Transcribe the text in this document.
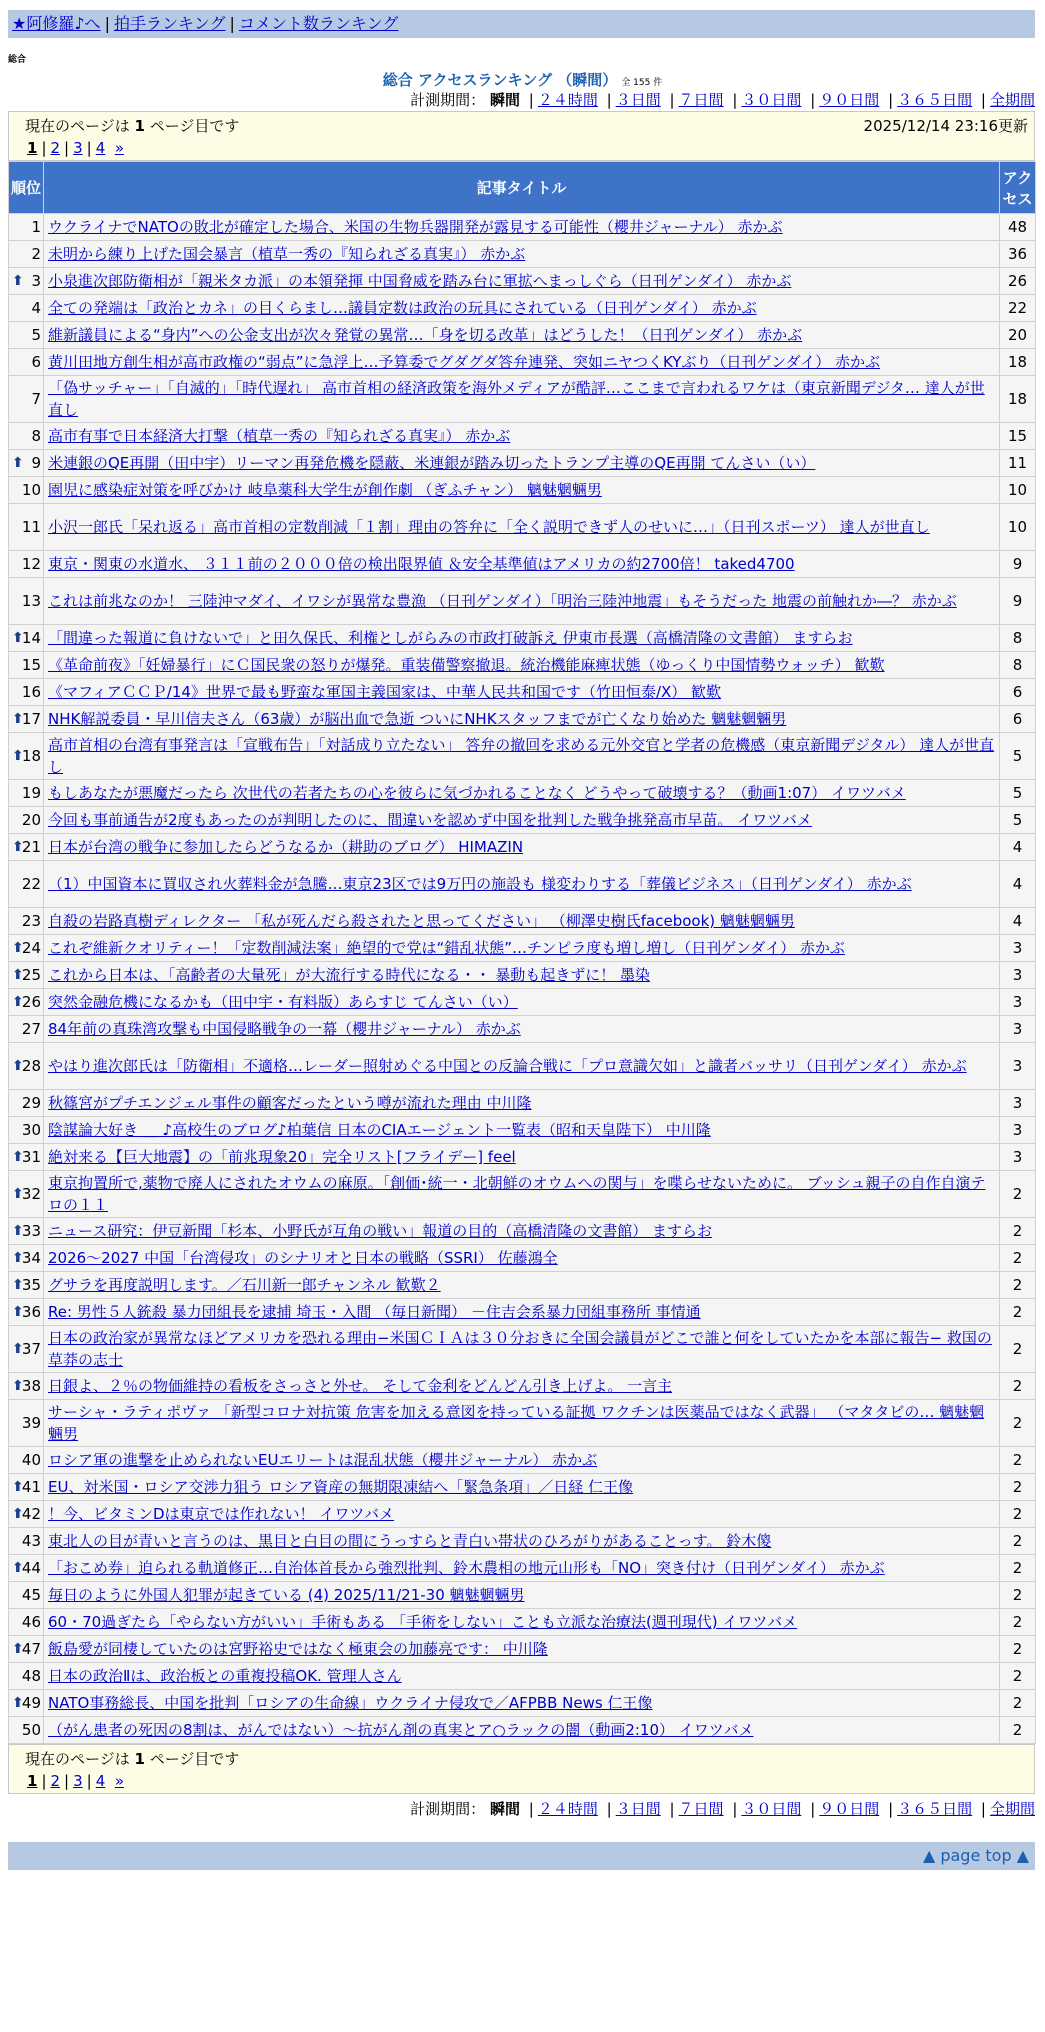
★阿修羅♪へ | 拍手ランキング | コメント数ランキング
総合
総合 アクセスランキング （瞬間） 全 155 件
計測期間： 瞬間 | ２４時間 | ３日間 | ７日間 | ３０日間 | ９０日間 | ３６５日間 | 全期間
現在のページは 1 ページ目です	2025/12/14 23:16更新
1 | 2 | 3 | 4 »
順位	記事タイトル	アクセス
1	ウクライナでNATOの敗北が確定した場合、米国の生物兵器開発が露見する可能性（櫻井ジャーナル） 赤かぶ	48
2	未明から練り上げた国会暴言（植草一秀の『知られざる真実』） 赤かぶ	36

⬆ 3	小泉進次郎防衛相が「親米タカ派」の本領発揮 中国脅威を踏み台に軍拡へまっしぐら（日刊ゲンダイ） 赤かぶ	26
4	全ての発端は「政治とカネ」の目くらまし…議員定数は政治の玩具にされている（日刊ゲンダイ） 赤かぶ	22
5	維新議員による“身内”への公金支出が次々発覚の異常…「身を切る改革」はどうした！（日刊ゲンダイ） 赤かぶ	20
6	黄川田地方創生相が高市政権の“弱点”に急浮上…予算委でグダグダ答弁連発、突如ニヤつくKYぶり（日刊ゲンダイ） 赤かぶ	18
7	「偽サッチャー」「自滅的」「時代遅れ」 高市首相の経済政策を海外メディアが酷評…ここまで言われるワケは（東京新聞デジタ… 達人が世直し	18
8	高市有事で日本経済大打撃（植草一秀の『知られざる真実』） 赤かぶ	15

⬆ 9	米連銀のQE再開（田中宇）リーマン再発危機を隠蔽、米連銀が踏み切ったトランプ主導のQE再開 てんさい（い）	11
10	園児に感染症対策を呼びかけ 岐阜薬科大学生が創作劇 （ぎふチャン） 魑魅魍魎男	10
11	小沢一郎氏「呆れ返る」高市首相の定数削減「１割」理由の答弁に「全く説明できず人のせいに…」（日刊スポーツ） 達人が世直し	10
12	東京・関東の水道水、 ３１１前の２０００倍の検出限界値 ＆安全基準値はアメリカの約2700倍！ taked4700	9
13	これは前兆なのか！ 三陸沖マダイ、イワシが異常な豊漁 （日刊ゲンダイ）「明治三陸沖地震」もそうだった 地震の前触れか―？ 赤かぶ	9

⬆
14	「間違った報道に負けないで」と田久保氏、利権としがらみの市政打破訴え 伊東市長選（高橋清隆の文書館） ますらお	8
15	《革命前夜》「妊婦暴行」にＣ国民衆の怒りが爆発。重装備警察撤退。統治機能麻痺状態（ゆっくり中国情勢ウォッチ） 歓歎	8
16	《マフィアＣＣＰ/14》世界で最も野蛮な軍国主義国家は、中華人民共和国です（竹田恒泰/X） 歓歎	6

⬆
17	NHK解説委員・早川信夫さん（63歳）が脳出血で急逝 ついにNHKスタッフまでが亡くなり始めた 魑魅魍魎男	6

⬆
18	高市首相の台湾有事発言は「宣戦布告」「対話成り立たない」 答弁の撤回を求める元外交官と学者の危機感（東京新聞デジタル） 達人が世直し	5
19	もしあなたが悪魔だったら 次世代の若者たちの心を彼らに気づかれることなく どうやって破壊する？（動画1:07） イワツバメ	5
20	今回も事前通告が2度もあったのが判明したのに、間違いを認めず中国を批判した戦争挑発高市早苗。 イワツバメ	5

⬆
21	日本が台湾の戦争に参加したらどうなるか（耕助のブログ） HIMAZIN	4
22	（1）中国資本に買収され火葬料金が急騰…東京23区では9万円の施設も 様変わりする「葬儀ビジネス」（日刊ゲンダイ） 赤かぶ	4
23	自殺の岩路真樹ディレクター 「私が死んだら殺されたと思ってください」 （柳澤史樹氏facebook) 魑魅魍魎男	4

⬆
24	これぞ維新クオリティー！「定数削減法案」絶望的で党は“錯乱状態”…チンピラ度も増し増し（日刊ゲンダイ） 赤かぶ	3

⬆
25	これから日本は、「高齢者の大量死」が大流行する時代になる・・ 暴動も起きずに！ 墨染	3

⬆
26	突然金融危機になるかも（田中宇・有料版）あらすじ てんさい（い）	3
27	84年前の真珠湾攻撃も中国侵略戦争の一幕（櫻井ジャーナル） 赤かぶ	3

⬆
28	やはり進次郎氏は「防衛相」不適格…レーダー照射めぐる中国との反論合戦に「プロ意識欠如」と識者バッサリ（日刊ゲンダイ） 赤かぶ	3
29	秋篠宮がプチエンジェル事件の顧客だったという噂が流れた理由 中川隆	3
30	陰謀論大好き ＿ ♪高校生のブログ♪柏葉信 日本のCIAエージェント一覧表（昭和天皇陛下） 中川隆	3

⬆
31	絶対来る【巨大地震】の「前兆現象20」完全リスト[フライデー] feel	3

⬆
32	東京拘置所で,薬物で廃人にされたオウムの麻原。「創価･統一・北朝鮮のオウムへの関与」を喋らせないために。 ブッシュ親子の自作自演テロの１１	2

⬆
33	ニュース研究：伊豆新聞「杉本、小野氏が互角の戦い」報道の目的（高橋清隆の文書館） ますらお	2

⬆
34	2026〜2027 中国「台湾侵攻」のシナリオと日本の戦略（SSRI） 佐藤鴻全	2

⬆
35	グサラを再度説明します。／石川新一郎チャンネル 歓歎２	2

⬆
36	Re: 男性５人銃殺 暴力団組長を逮捕 埼玉・入間 （毎日新聞） －住吉会系暴力団組事務所 事情通	2

⬆
37	日本の政治家が異常なほどアメリカを恐れる理由−米国ＣＩＡは３０分おきに全国会議員がどこで誰と何をしていたかを本部に報告− 救国の草莽の志士	2

⬆
38	日銀よ、２％の物価維持の看板をさっさと外せ。 そして金利をどんどん引き上げよ。 一言主	2
39	サーシャ・ラティポヴァ 「新型コロナ対抗策 危害を加える意図を持っている証拠 ワクチンは医薬品ではなく武器」 （マタタビの… 魑魅魍魎男	2
40	ロシア軍の進撃を止められないEUエリートは混乱状態（櫻井ジャーナル） 赤かぶ	2

⬆
41	EU、対米国・ロシア交渉力狙う ロシア資産の無期限凍結へ「緊急条項」／日経 仁王像	2

⬆
42	！今、ビタミンDは東京では作れない！ イワツバメ	2
43	東北人の目が青いと言うのは、黒目と白目の間にうっすらと青白い帯状のひろがりがあることっす。 鈴木傻	2

⬆
44	「おこめ券」迫られる軌道修正…自治体首長から強烈批判、鈴木農相の地元山形も「NO」突き付け（日刊ゲンダイ） 赤かぶ	2
45	毎日のように外国人犯罪が起きている (4) 2025/11/21-30 魑魅魍魎男	2
46	60・70過ぎたら「やらない方がいい」手術もある 「手術をしない」ことも立派な治療法(週刊現代) イワツバメ	2

⬆
47	飯島愛が同棲していたのは宮野裕史ではなく極東会の加藤亮です： 中川隆	2
48	日本の政治Ⅱは、政治板との重複投稿OK. 管理人さん	2

⬆
49	NATO事務総長、中国を批判「ロシアの生命線」ウクライナ侵攻で／AFPBB News 仁王像	2
50	（がん患者の死因の8割は、がんではない）〜抗がん剤の真実とア○ラックの闇（動画2:10） イワツバメ	2
現在のページは 1 ページ目です
1 | 2 | 3 | 4 »
計測期間： 瞬間 | ２４時間 | ３日間 | ７日間 | ３０日間 | ９０日間 | ３６５日間 | 全期間
▲ page top ▲
